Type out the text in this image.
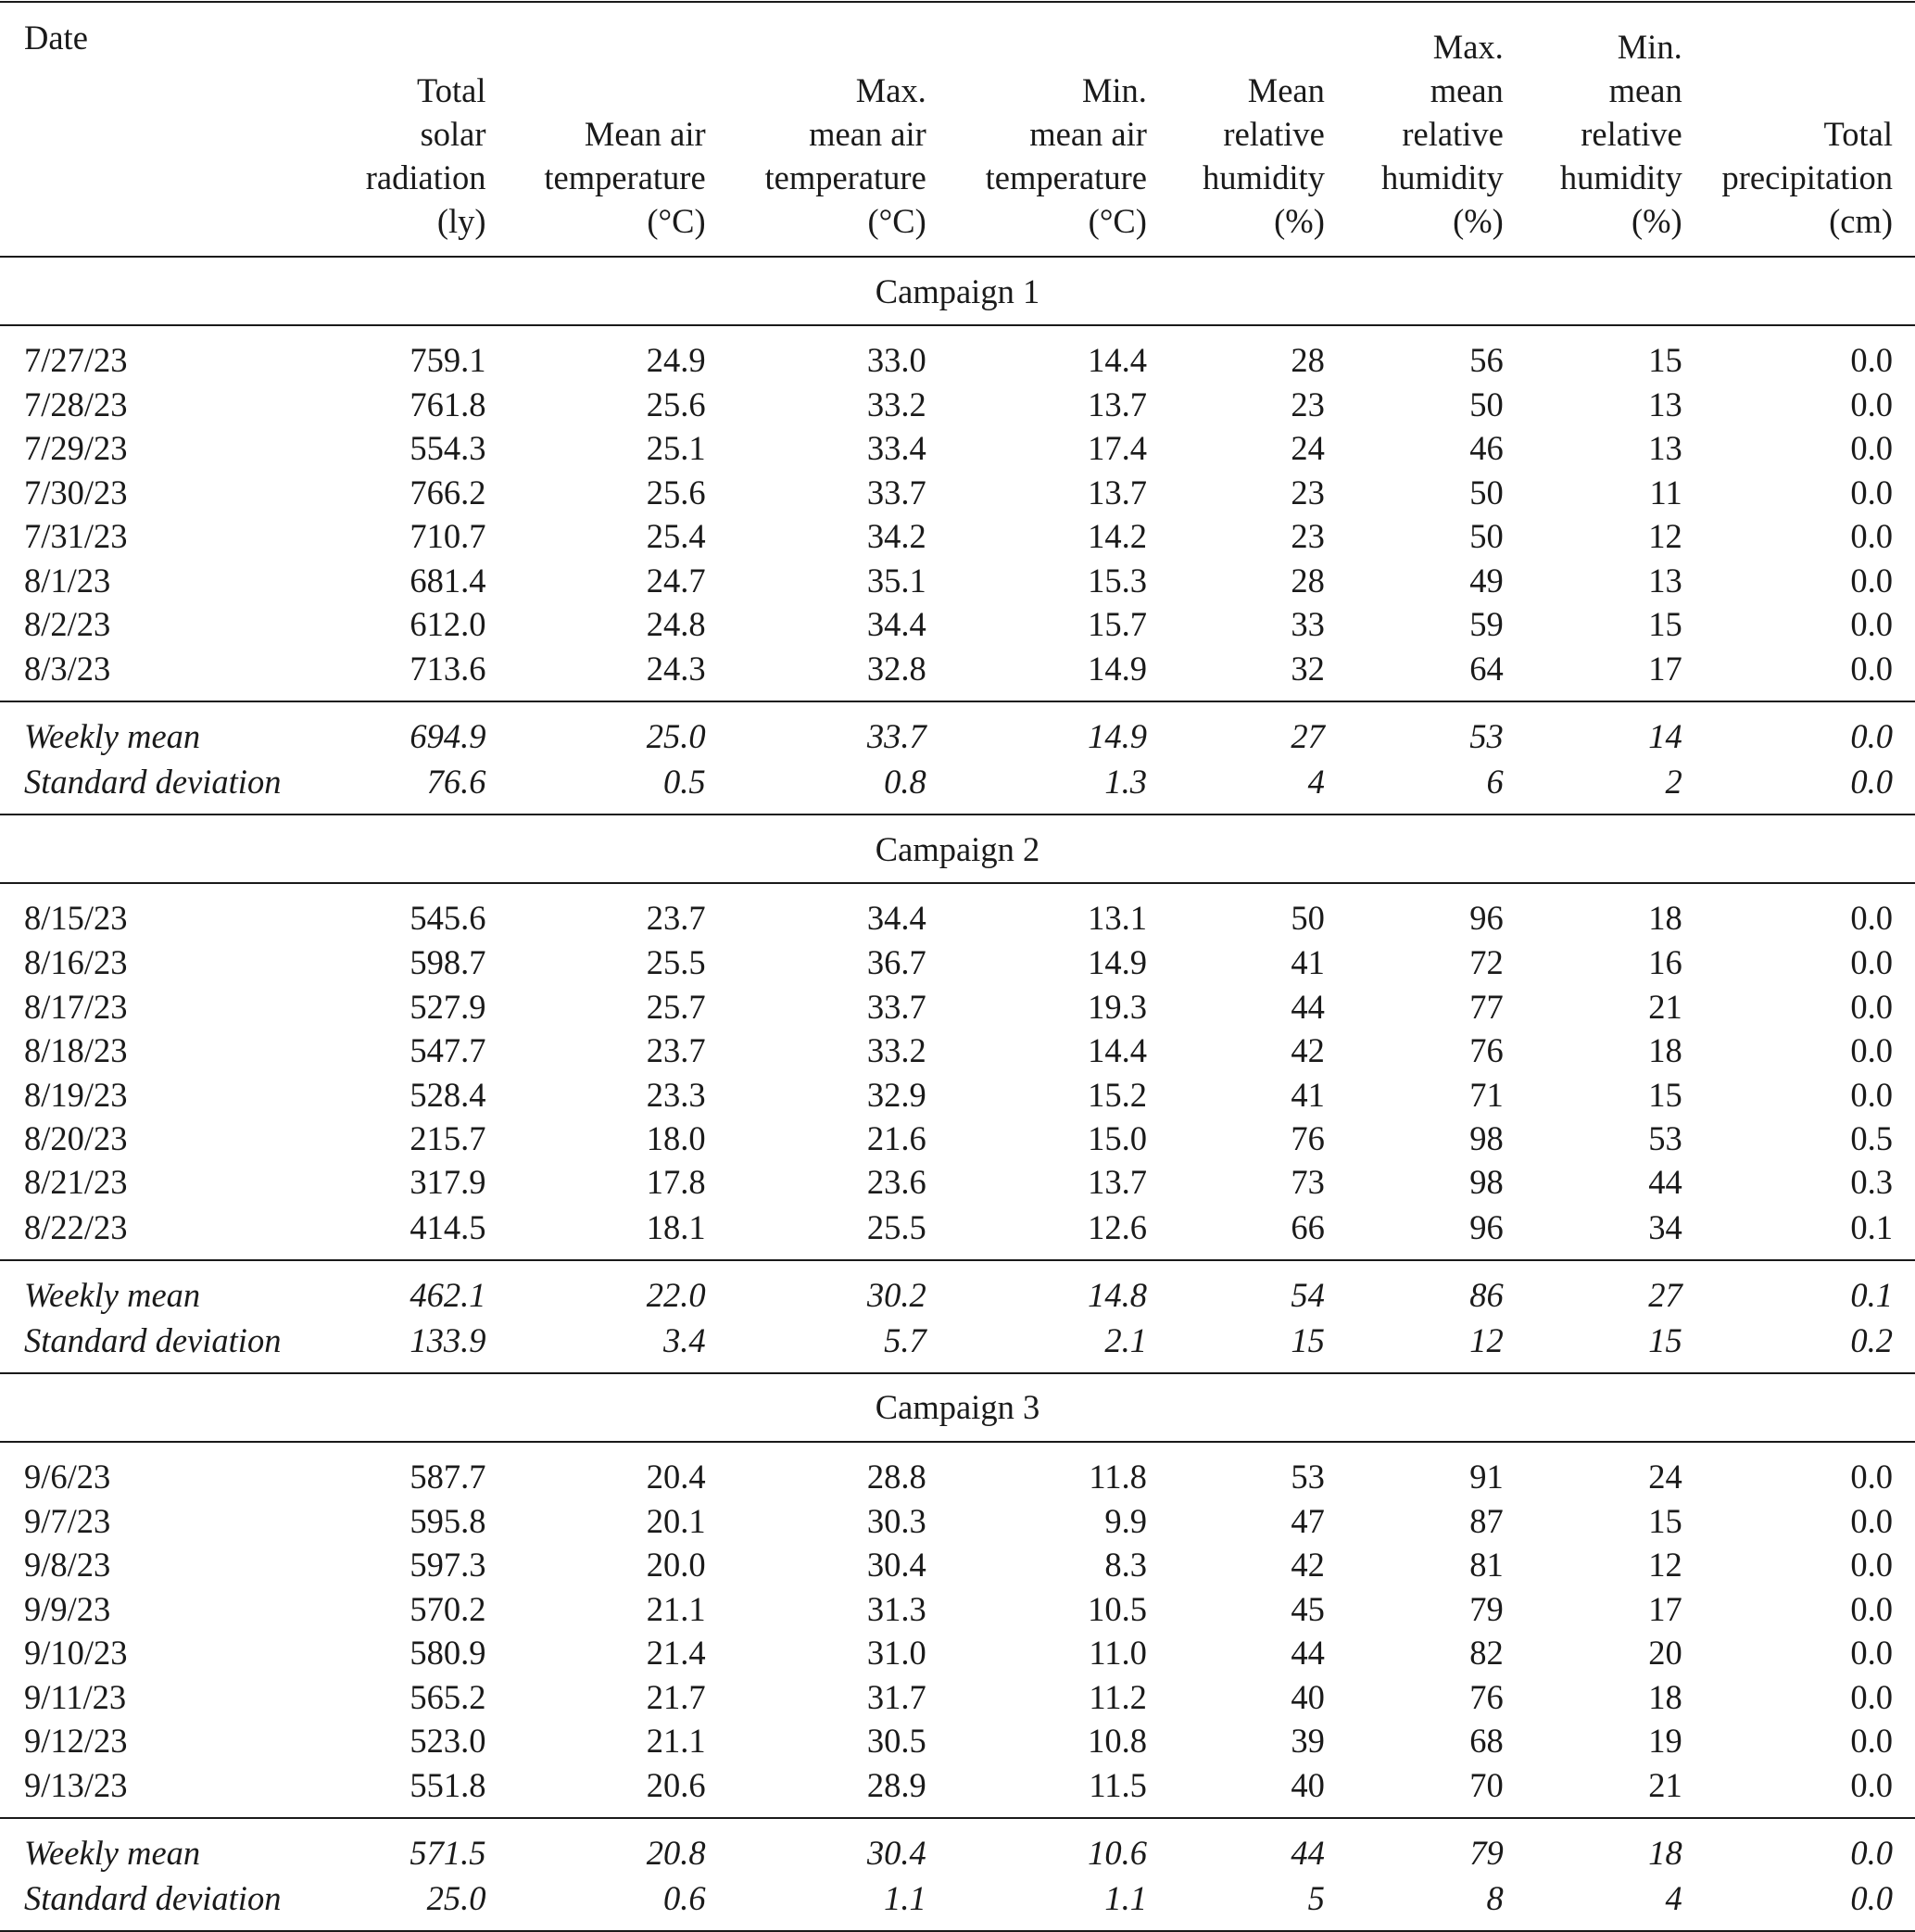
Date	Total
solar
radiation
(ly)	Mean air
temperature
(°C)	Max.
mean air
temperature
(°C)	Min.
mean air
temperature
(°C)	Mean
relative
humidity
(%)	Max.
mean
relative
humidity
(%)	Min.
mean
relative
humidity
(%)	Total
precipitation
(cm)

Campaign 1								
7/27/23	759.1	24.9	33.0	14.4	28	56	15	0.0
7/28/23	761.8	25.6	33.2	13.7	23	50	13	0.0
7/29/23	554.3	25.1	33.4	17.4	24	46	13	0.0
7/30/23	766.2	25.6	33.7	13.7	23	50	11	0.0
7/31/23	710.7	25.4	34.2	14.2	23	50	12	0.0
8/1/23	681.4	24.7	35.1	15.3	28	49	13	0.0
8/2/23	612.0	24.8	34.4	15.7	33	59	15	0.0
8/3/23	713.6	24.3	32.8	14.9	32	64	17	0.0
Weekly mean	694.9	25.0	33.7	14.9	27	53	14	0.0
Standard deviation	76.6	0.5	0.8	1.3	4	6	2	0.0
Campaign 2								
8/15/23	545.6	23.7	34.4	13.1	50	96	18	0.0
8/16/23	598.7	25.5	36.7	14.9	41	72	16	0.0
8/17/23	527.9	25.7	33.7	19.3	44	77	21	0.0
8/18/23	547.7	23.7	33.2	14.4	42	76	18	0.0
8/19/23	528.4	23.3	32.9	15.2	41	71	15	0.0
8/20/23	215.7	18.0	21.6	15.0	76	98	53	0.5
8/21/23	317.9	17.8	23.6	13.7	73	98	44	0.3
8/22/23	414.5	18.1	25.5	12.6	66	96	34	0.1
Weekly mean	462.1	22.0	30.2	14.8	54	86	27	0.1
Standard deviation	133.9	3.4	5.7	2.1	15	12	15	0.2
Campaign 3								
9/6/23	587.7	20.4	28.8	11.8	53	91	24	0.0
9/7/23	595.8	20.1	30.3	9.9	47	87	15	0.0
9/8/23	597.3	20.0	30.4	8.3	42	81	12	0.0
9/9/23	570.2	21.1	31.3	10.5	45	79	17	0.0
9/10/23	580.9	21.4	31.0	11.0	44	82	20	0.0
9/11/23	565.2	21.7	31.7	11.2	40	76	18	0.0
9/12/23	523.0	21.1	30.5	10.8	39	68	19	0.0
9/13/23	551.8	20.6	28.9	11.5	40	70	21	0.0
Weekly mean	571.5	20.8	30.4	10.6	44	79	18	0.0
Standard deviation	25.0	0.6	1.1	1.1	5	8	4	0.0
